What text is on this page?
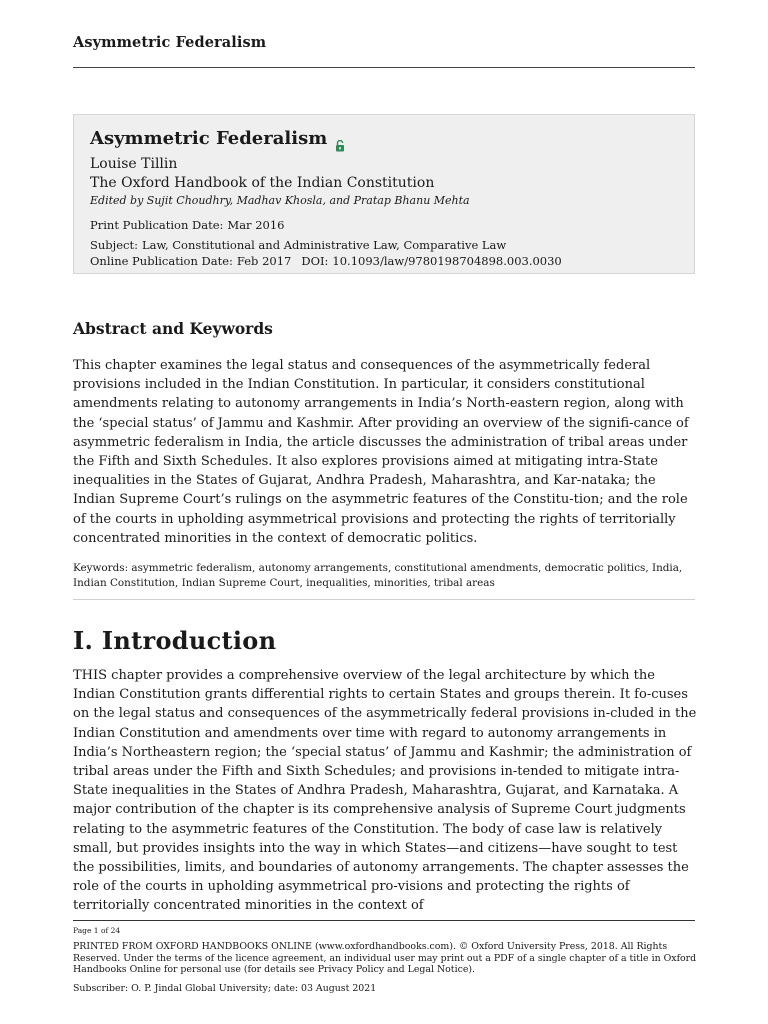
Asymmetric Federalism
Asymmetric Federalism
Louise Tillin
The Oxford Handbook of the Indian Constitution
Edited by Sujit Choudhry, Madhav Khosla, and Pratap Bhanu Mehta
Print Publication Date: Mar 2016
Subject: Law, Constitutional and Administrative Law, Comparative Law
Online Publication Date: Feb 2017 DOI: 10.1093/law/9780198704898.003.0030
Abstract and Keywords

This chapter examines the legal status and consequences of the asymmetrically federal provisions included in the Indian Constitution. In particular, it considers constitutional amendments relating to autonomy arrangements in India’s North-eastern region, along with the ‘special status’ of Jammu and Kashmir. After providing an overview of the signifi-cance of asymmetric federalism in India, the article discusses the administration of tribal areas under the Fifth and Sixth Schedules. It also explores provisions aimed at mitigating intra-State inequalities in the States of Gujarat, Andhra Pradesh, Maharashtra, and Kar-nataka; the Indian Supreme Court’s rulings on the asymmetric features of the Constitu-tion; and the role of the courts in upholding asymmetrical provisions and protecting the rights of territorially concentrated minorities in the context of democratic politics.

Keywords: asymmetric federalism, autonomy arrangements, constitutional amendments, democratic politics, India, Indian Constitution, Indian Supreme Court, inequalities, minorities, tribal areas
I. Introduction

THIS chapter provides a comprehensive overview of the legal architecture by which the Indian Constitution grants differential rights to certain States and groups therein. It fo-cuses on the legal status and consequences of the asymmetrically federal provisions in-cluded in the Indian Constitution and amendments over time with regard to autonomy arrangements in India’s Northeastern region; the ‘special status’ of Jammu and Kashmir; the administration of tribal areas under the Fifth and Sixth Schedules; and provisions in-tended to mitigate intra-State inequalities in the States of Andhra Pradesh, Maharashtra, Gujarat, and Karnataka. A major contribution of the chapter is its comprehensive analysis of Supreme Court judgments relating to the asymmetric features of the Constitution. The body of case law is relatively small, but provides insights into the way in which States—and citizens—have sought to test the possibilities, limits, and boundaries of autonomy arrangements. The chapter assesses the role of the courts in upholding asymmetrical pro-visions and protecting the rights of territorially concentrated minorities in the context of

Page 1 of 24
PRINTED FROM OXFORD HANDBOOKS ONLINE (www.oxfordhandbooks.com). © Oxford University Press, 2018. All Rights Reserved. Under the terms of the licence agreement, an individual user may print out a PDF of a single chapter of a title in Oxford Handbooks Online for personal use (for details see Privacy Policy and Legal Notice).
Subscriber: O. P. Jindal Global University; date: 03 August 2021
